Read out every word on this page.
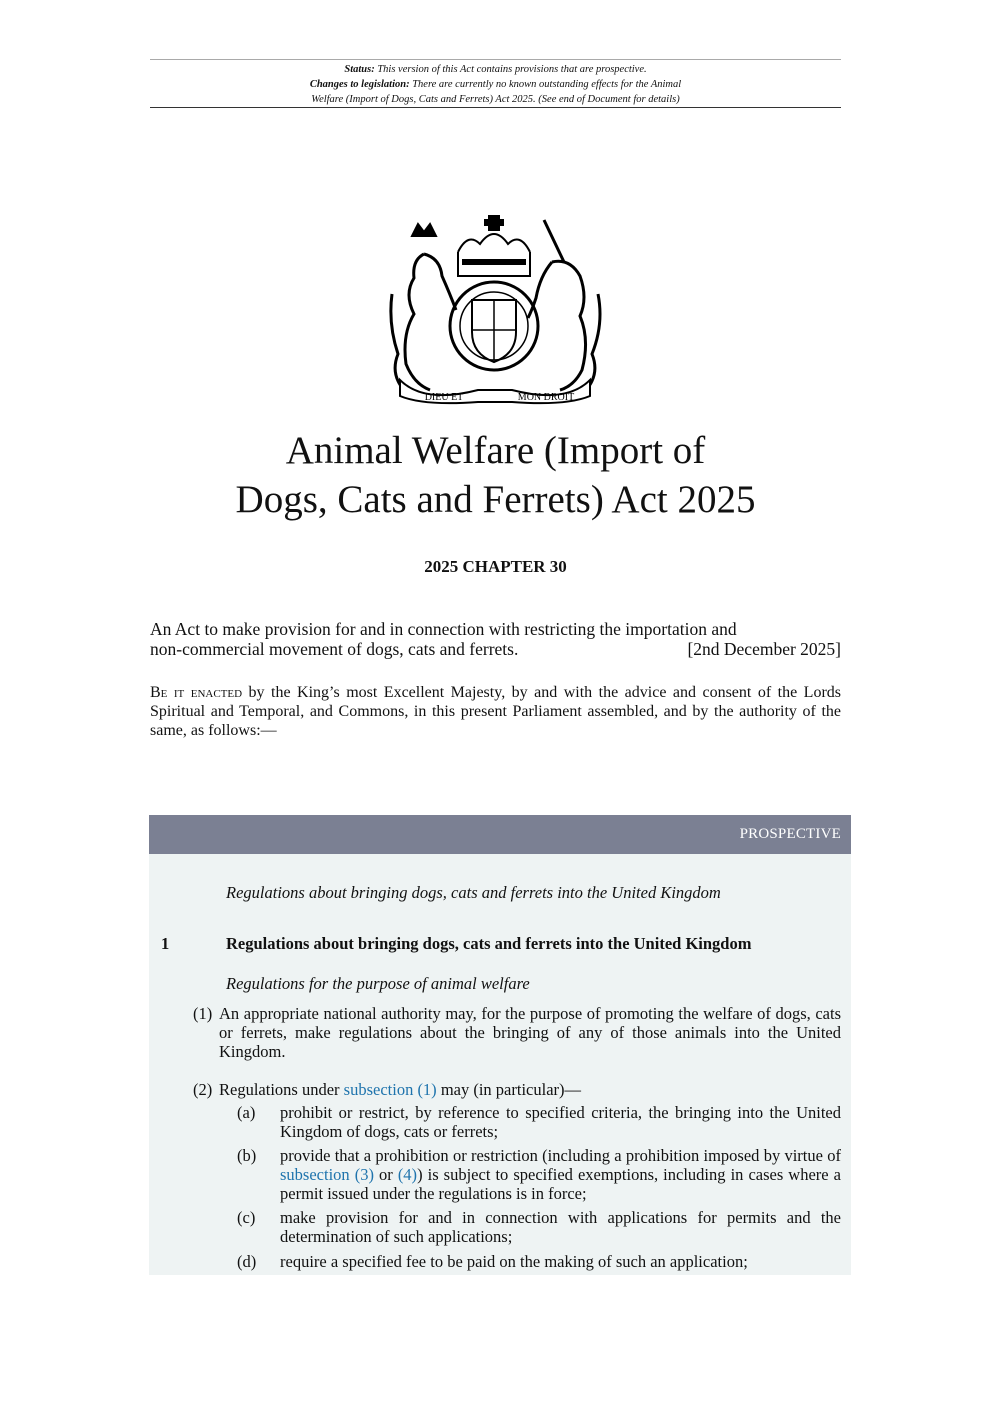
Status: This version of this Act contains provisions that are prospective.
Changes to legislation: There are currently no known outstanding effects for the Animal
Welfare (Import of Dogs, Cats and Ferrets) Act 2025. (See end of Document for details)
DIEU ET	MON DROIT
Animal Welfare (Import of
Dogs, Cats and Ferrets) Act 2025
2025 CHAPTER 30
An Act to make provision for and in connection with restricting the importation and
non-commercial movement of dogs, cats and ferrets.	[2nd December 2025]
Be it enacted by the King’s most Excellent Majesty, by and with the advice and consent of the Lords Spiritual and Temporal, and Commons, in this present Parliament assembled, and by the authority of the same, as follows:—
PROSPECTIVE
Regulations about bringing dogs, cats and ferrets into the United Kingdom
1	Regulations about bringing dogs, cats and ferrets into the United Kingdom
Regulations for the purpose of animal welfare
(1) An appropriate national authority may, for the purpose of promoting the welfare of dogs, cats or ferrets, make regulations about the bringing of any of those animals into the United Kingdom.
(2) Regulations under subsection (1) may (in particular)—
(a) prohibit or restrict, by reference to specified criteria, the bringing into the United Kingdom of dogs, cats or ferrets;
(b) provide that a prohibition or restriction (including a prohibition imposed by virtue of subsection (3) or (4)) is subject to specified exemptions, including in cases where a permit issued under the regulations is in force;
(c) make provision for and in connection with applications for permits and the determination of such applications;
(d) require a specified fee to be paid on the making of such an application;
